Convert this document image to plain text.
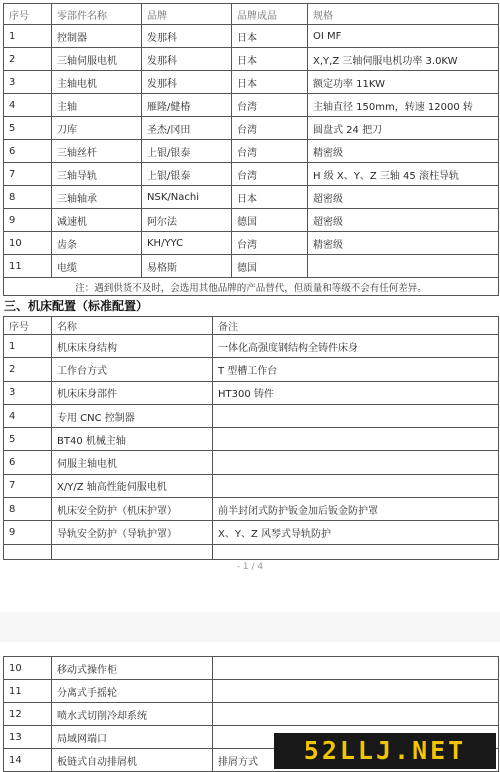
序号	零部件名称	品牌	品牌成品	规格
1	控制器	发那科	日本	OI MF
2	三轴伺服电机	发那科	日本	X,Y,Z 三轴伺服电机功率 3.0KW
3	主轴电机	发那科	日本	额定功率 11KW
4	主轴	雁隆/健椿	台湾	主轴直径 150mm，转速 12000 转
5	刀库	圣杰/冈田	台湾	圆盘式 24 把刀
6	三轴丝杆	上银/银泰	台湾	精密级
7	三轴导轨	上银/银泰	台湾	H 级 X、Y、Z 三轴 45 滚柱导轨
8	三轴轴承	NSK/Nachi	日本	超密级
9	减速机	阿尔法	德国	超密级
10	齿条	KH/YYC	台湾	精密级
11	电缆	易格斯	德国	
注：遇到供货不及时，会选用其他品牌的产品替代，但质量和等级不会有任何差异。				

三、机床配置（标准配置）

序号	名称	备注
1	机床床身结构	一体化高强度钢结构全铸件床身
2	工作台方式	T 型槽工作台
3	机床床身部件	HT300 铸件
4	专用 CNC 控制器	
5	BT40 机械主轴	
6	伺服主轴电机	
7	X/Y/Z 轴高性能伺服电机	
8	机床安全防护（机床护罩）	前半封闭式防护钣金加后钣金防护罩
9	导轨安全防护（导轨护罩）	X、Y、Z 风琴式导轨防护

- 1 / 4
10	移动式操作柜	
11	分离式手摇轮	
12	喷水式切削冷却系统	
13	局域网端口	
14	板链式自动排屑机	排屑方式	52LLJ.NET
